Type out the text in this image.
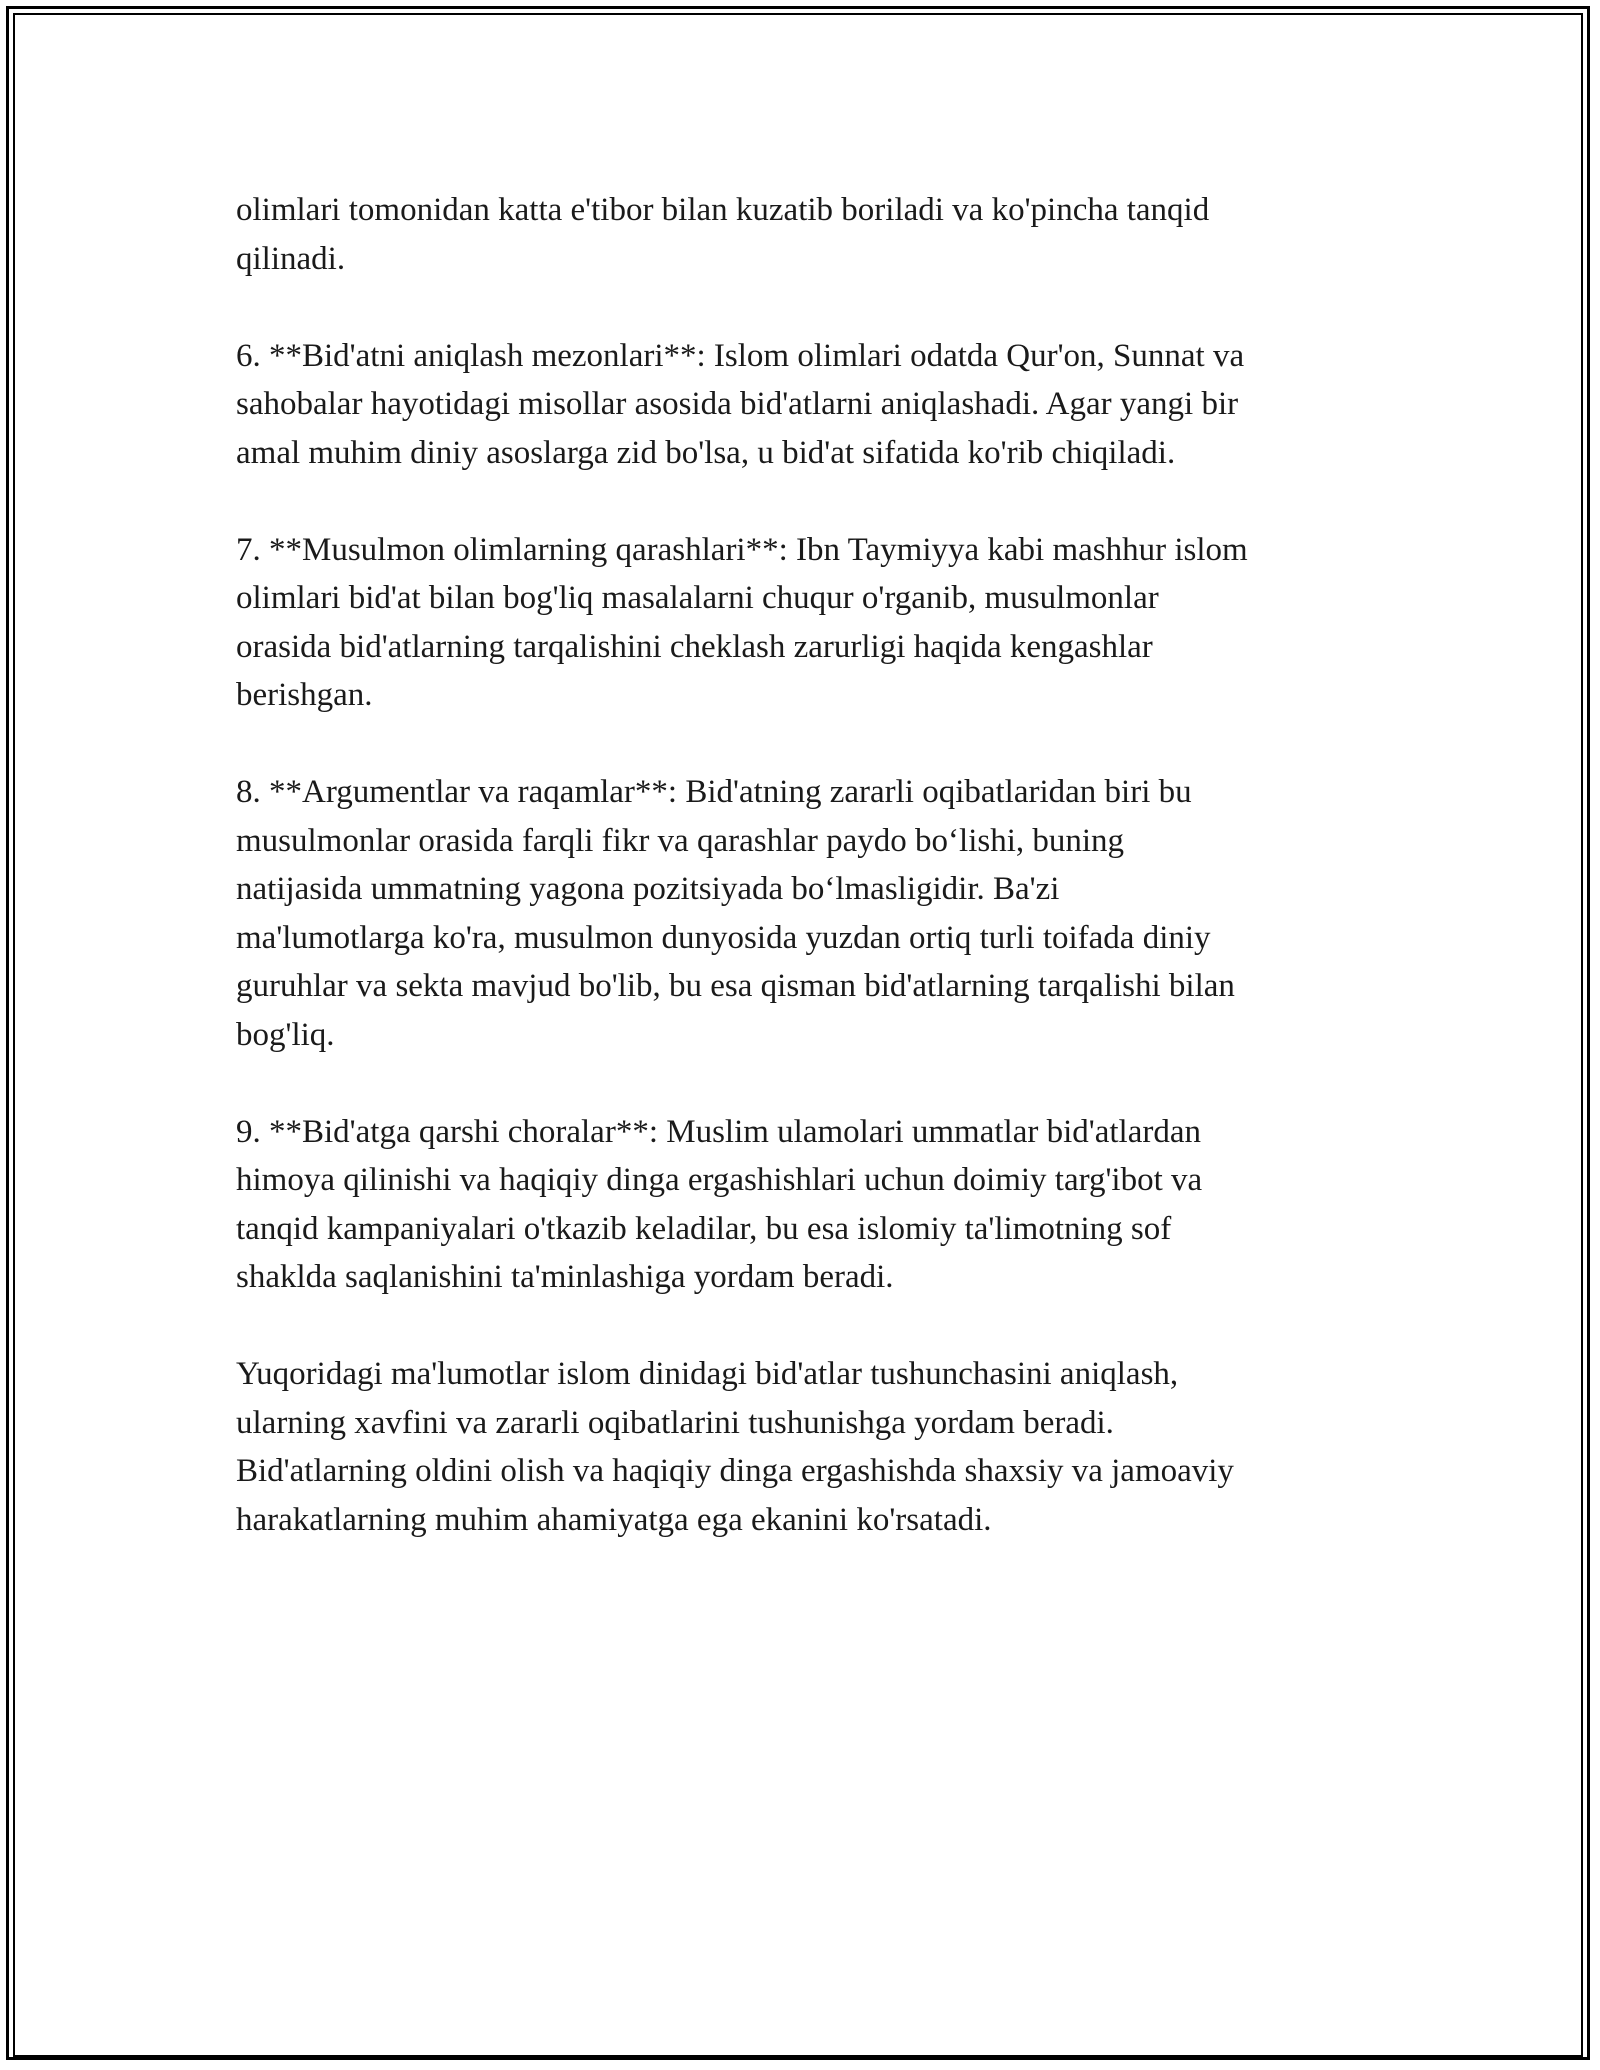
olimlari tomonidan katta e'tibor bilan kuzatib boriladi va ko'pincha tanqid
qilinadi.

6. **Bid'atni aniqlash mezonlari**: Islom olimlari odatda Qur'on, Sunnat va
sahobalar hayotidagi misollar asosida bid'atlarni aniqlashadi. Agar yangi bir
amal muhim diniy asoslarga zid bo'lsa, u bid'at sifatida ko'rib chiqiladi.

7. **Musulmon olimlarning qarashlari**: Ibn Taymiyya kabi mashhur islom
olimlari bid'at bilan bog'liq masalalarni chuqur o'rganib, musulmonlar
orasida bid'atlarning tarqalishini cheklash zarurligi haqida kengashlar
berishgan.

8. **Argumentlar va raqamlar**: Bid'atning zararli oqibatlaridan biri bu
musulmonlar orasida farqli fikr va qarashlar paydo bo‘lishi, buning
natijasida ummatning yagona pozitsiyada bo‘lmasligidir. Ba'zi
ma'lumotlarga ko'ra, musulmon dunyosida yuzdan ortiq turli toifada diniy
guruhlar va sekta mavjud bo'lib, bu esa qisman bid'atlarning tarqalishi bilan
bog'liq.

9. **Bid'atga qarshi choralar**: Muslim ulamolari ummatlar bid'atlardan
himoya qilinishi va haqiqiy dinga ergashishlari uchun doimiy targ'ibot va
tanqid kampaniyalari o'tkazib keladilar, bu esa islomiy ta'limotning sof
shaklda saqlanishini ta'minlashiga yordam beradi.

Yuqoridagi ma'lumotlar islom dinidagi bid'atlar tushunchasini aniqlash,
ularning xavfini va zararli oqibatlarini tushunishga yordam beradi.
Bid'atlarning oldini olish va haqiqiy dinga ergashishda shaxsiy va jamoaviy
harakatlarning muhim ahamiyatga ega ekanini ko'rsatadi.
